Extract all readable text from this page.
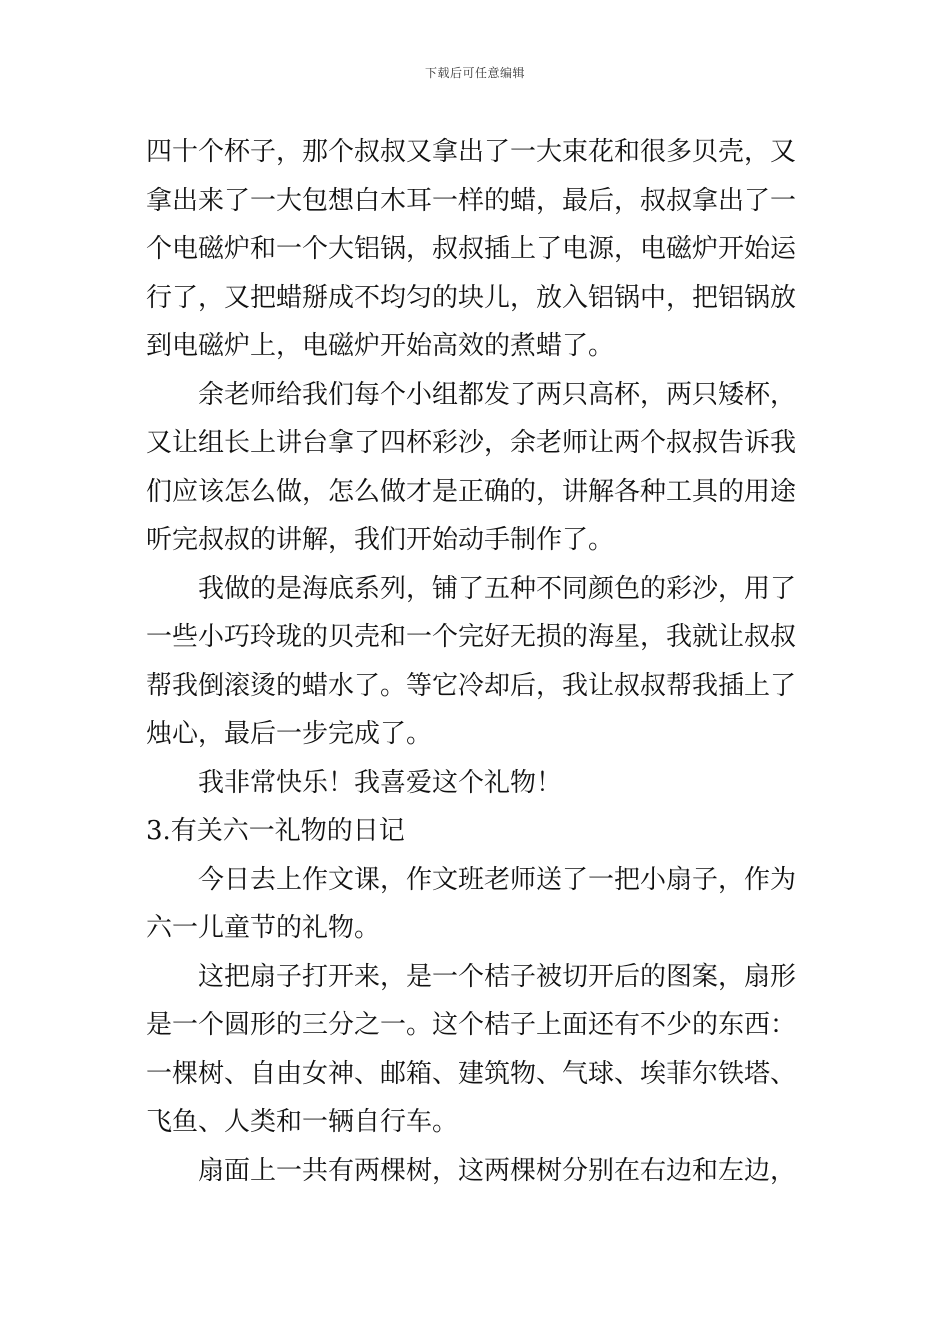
下载后可任意编辑
四十个杯子，那个叔叔又拿出了一大束花和很多贝壳，又
拿出来了一大包想白木耳一样的蜡，最后，叔叔拿出了一
个电磁炉和一个大铝锅，叔叔插上了电源，电磁炉开始运
行了，又把蜡掰成不均匀的块儿，放入铝锅中，把铝锅放
到电磁炉上，电磁炉开始高效的煮蜡了。
余老师给我们每个小组都发了两只高杯，两只矮杯，
又让组长上讲台拿了四杯彩沙，余老师让两个叔叔告诉我
们应该怎么做，怎么做才是正确的，讲解各种工具的用途
听完叔叔的讲解，我们开始动手制作了。
我做的是海底系列，铺了五种不同颜色的彩沙，用了
一些小巧玲珑的贝壳和一个完好无损的海星，我就让叔叔
帮我倒滚烫的蜡水了。等它冷却后，我让叔叔帮我插上了
烛心，最后一步完成了。
我非常快乐！我喜爱这个礼物！
3.有关六一礼物的日记
今日去上作文课，作文班老师送了一把小扇子，作为
六一儿童节的礼物。
这把扇子打开来，是一个桔子被切开后的图案，扇形
是一个圆形的三分之一。这个桔子上面还有不少的东西：
一棵树、自由女神、邮箱、建筑物、气球、埃菲尔铁塔、
飞鱼、人类和一辆自行车。
扇面上一共有两棵树，这两棵树分别在右边和左边，
